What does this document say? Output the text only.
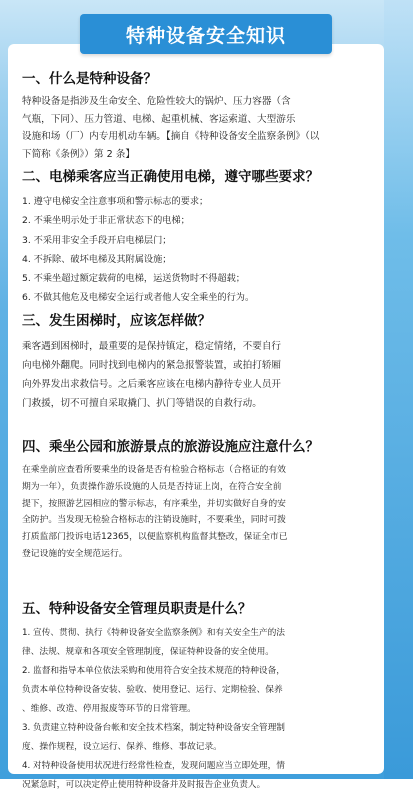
一、什么是特种设备？

特种设备是指涉及生命安全、危险性较大的锅炉、压力容器（含

气瓶，下同）、压力管道、电梯、起重机械、客运索道、大型游乐

设施和场（厂）内专用机动车辆。【摘自《特种设备安全监察条例》（以

下简称《条例》）第 2 条】

二、电梯乘客应当正确使用电梯，遵守哪些要求？
1. 遵守电梯安全注意事项和警示标志的要求；
2. 不乘坐明示处于非正常状态下的电梯；
3. 不采用非安全手段开启电梯层门；
4. 不拆除、破坏电梯及其附属设施；
5. 不乘坐超过额定载荷的电梯，运送货物时不得超载；
6. 不做其他危及电梯安全运行或者他人安全乘坐的行为。
三、发生困梯时，应该怎样做？

乘客遇到困梯时，最重要的是保持镇定，稳定情绪，不要自行

向电梯外翻爬。同时找到电梯内的紧急报警装置，或拍打轿厢

向外界发出求救信号。之后乘客应该在电梯内静待专业人员开

门救援，切不可擅自采取撬门、扒门等错误的自救行动。

四、乘坐公园和旅游景点的旅游设施应注意什么？

在乘坐前应查看所要乘坐的设备是否有检验合格标志（合格证的有效

期为一年），负责操作游乐设施的人员是否持证上岗，在符合安全前

提下，按照游艺园相应的警示标志，有序乘坐，并切实做好自身的安

全防护。当发现无检验合格标志的注销设施时，不要乘坐，同时可拨

打质监部门投诉电话12365，以便监察机构监督其整改，保证全市已

登记设施的安全规范运行。

五、特种设备安全管理员职责是什么？

1. 宣传、贯彻、执行《特种设备安全监察条例》和有关安全生产的法

律、法规、规章和各项安全管理制度，保证特种设备的安全使用。

2. 监督和指导本单位依法采购和使用符合安全技术规范的特种设备，

负责本单位特种设备安装、验收、使用登记、运行、定期检验、保养

、维修、改造、停用报废等环节的日常管理。

3. 负责建立特种设备台帐和安全技术档案，制定特种设备安全管理制

度、操作规程，设立运行、保养、维修、事故记录。

4. 对特种设备使用状况进行经常性检查，发现问题应当立即处理，情

况紧急时，可以决定停止使用特种设备并及时报告企业负责人。

特种设备安全知识
